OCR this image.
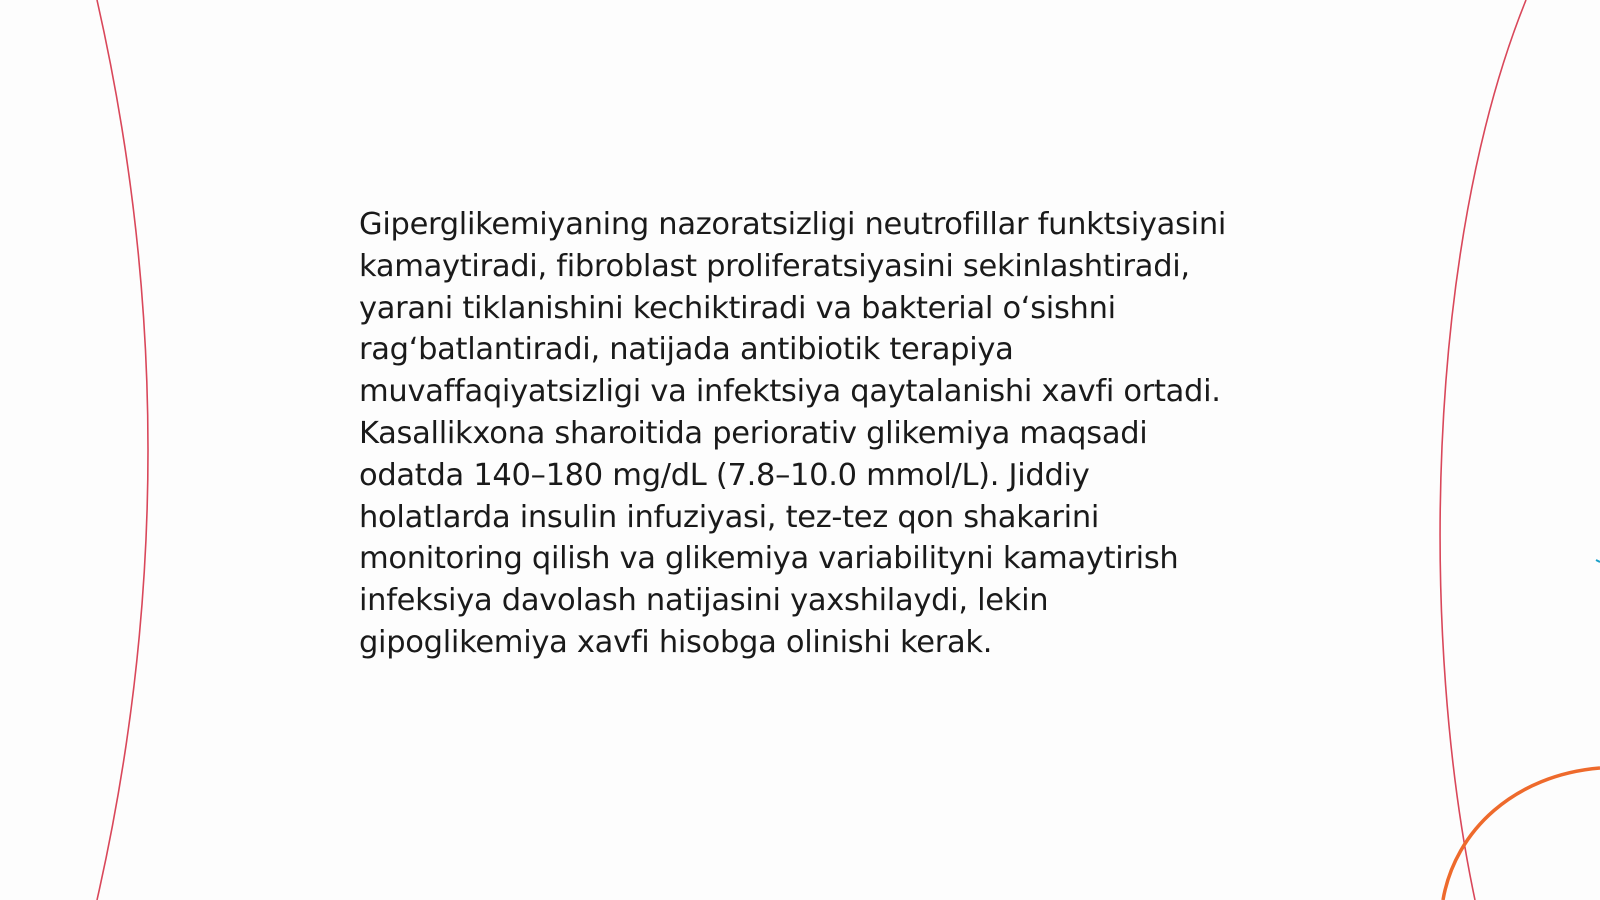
Giperglikemiyaning nazoratsizligi neutrofillar funktsiyasini kamaytiradi, fibroblast proliferatsiyasini sekinlashtiradi, yarani tiklanishini kechiktiradi va bakterial o‘sishni rag‘batlantiradi, natijada antibiotik terapiya muvaffaqiyatsizligi va infektsiya qaytalanishi xavfi ortadi. Kasallikxona sharoitida periorativ glikemiya maqsadi odatda 140–180 mg/dL (7.8–10.0 mmol/L). Jiddiy holatlarda insulin infuziyasi, tez-tez qon shakarini monitoring qilish va glikemiya variabilityni kamaytirish infeksiya davolash natijasini yaxshilaydi, lekin gipoglikemiya xavfi hisobga olinishi kerak.
